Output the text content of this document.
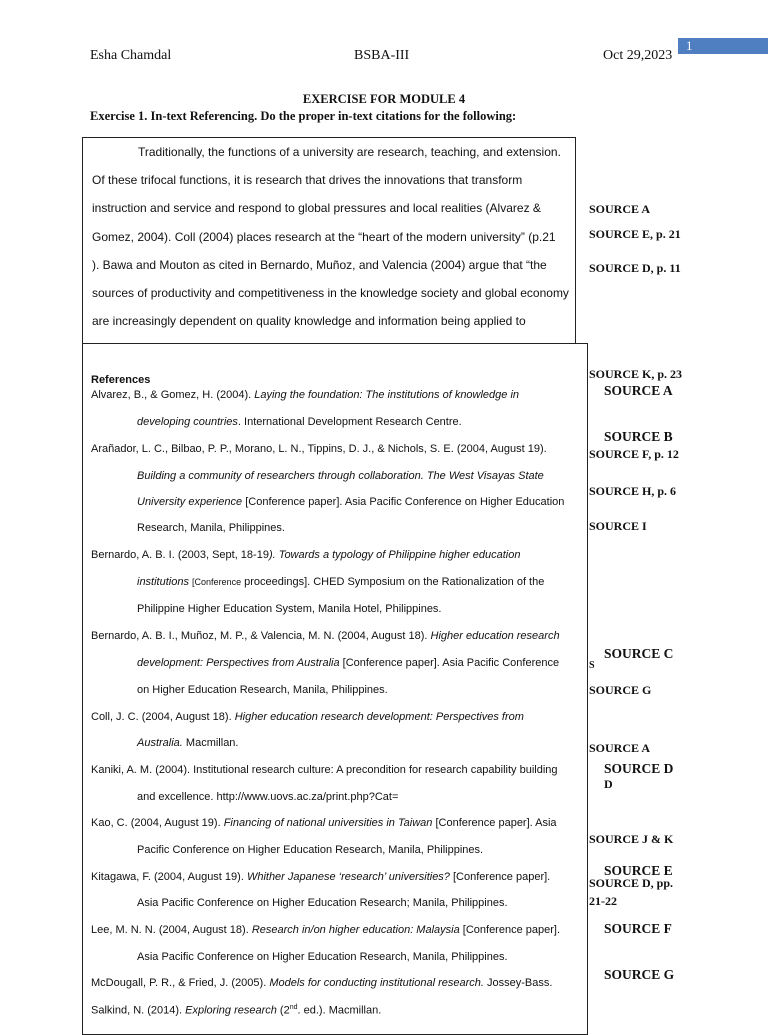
1
Esha Chamdal	BSBA-III	Oct 29,2023
EXERCISE FOR MODULE 4
Exercise 1. In-text Referencing. Do the proper in-text citations for the following:
Traditionally, the functions of a university are research, teaching, and extension.
Of these trifocal functions, it is research that drives the innovations that transform
instruction and service and respond to global pressures and local realities (Alvarez &
Gomez, 2004). Coll (2004) places research at the “heart of the modern university” (p.21
). Bawa and Mouton as cited in Bernardo, Muñoz, and Valencia (2004) argue that “the
sources of productivity and competitiveness in the knowledge society and global economy
are increasingly dependent on quality knowledge and information being applied to
SOURCE A
SOURCE E, p. 21
SOURCE D, p. 11
SOURCE K, p. 23
SOURCE F, p. 12
SOURCE H, p. 6
SOURCE I
S
SOURCE G
SOURCE A
D
SOURCE J & K
SOURCE D, pp.
21-22
SOURCE A
SOURCE B
SOURCE C
SOURCE D
SOURCE E
SOURCE F
SOURCE G
References
Alvarez, B., & Gomez, H. (2004). Laying the foundation: The institutions of knowledge in
developing countries. International Development Research Centre.
Arañador, L. C., Bilbao, P. P., Morano, L. N., Tippins, D. J., & Nichols, S. E. (2004, August 19).
Building a community of researchers through collaboration. The West Visayas State
University experience [Conference paper]. Asia Pacific Conference on Higher Education
Research, Manila, Philippines.
Bernardo, A. B. I. (2003, Sept, 18-19). Towards a typology of Philippine higher education
institutions [Conference proceedings]. CHED Symposium on the Rationalization of the
Philippine Higher Education System, Manila Hotel, Philippines.
Bernardo, A. B. I., Muñoz, M. P., & Valencia, M. N. (2004, August 18). Higher education research
development: Perspectives from Australia [Conference paper]. Asia Pacific Conference
on Higher Education Research, Manila, Philippines.
Coll, J. C. (2004, August 18). Higher education research development: Perspectives from
Australia. Macmillan.
Kaniki, A. M. (2004). Institutional research culture: A precondition for research capability building
and excellence. http://www.uovs.ac.za/print.php?Cat=
Kao, C. (2004, August 19). Financing of national universities in Taiwan [Conference paper]. Asia
Pacific Conference on Higher Education Research, Manila, Philippines.
Kitagawa, F. (2004, August 19). Whither Japanese ‘research’ universities? [Conference paper].
Asia Pacific Conference on Higher Education Research; Manila, Philippines.
Lee, M. N. N. (2004, August 18). Research in/on higher education: Malaysia [Conference paper].
Asia Pacific Conference on Higher Education Research, Manila, Philippines.
McDougall, P. R., & Fried, J. (2005). Models for conducting institutional research. Jossey-Bass.
Salkind, N. (2014). Exploring research (2nd. ed.). Macmillan.
